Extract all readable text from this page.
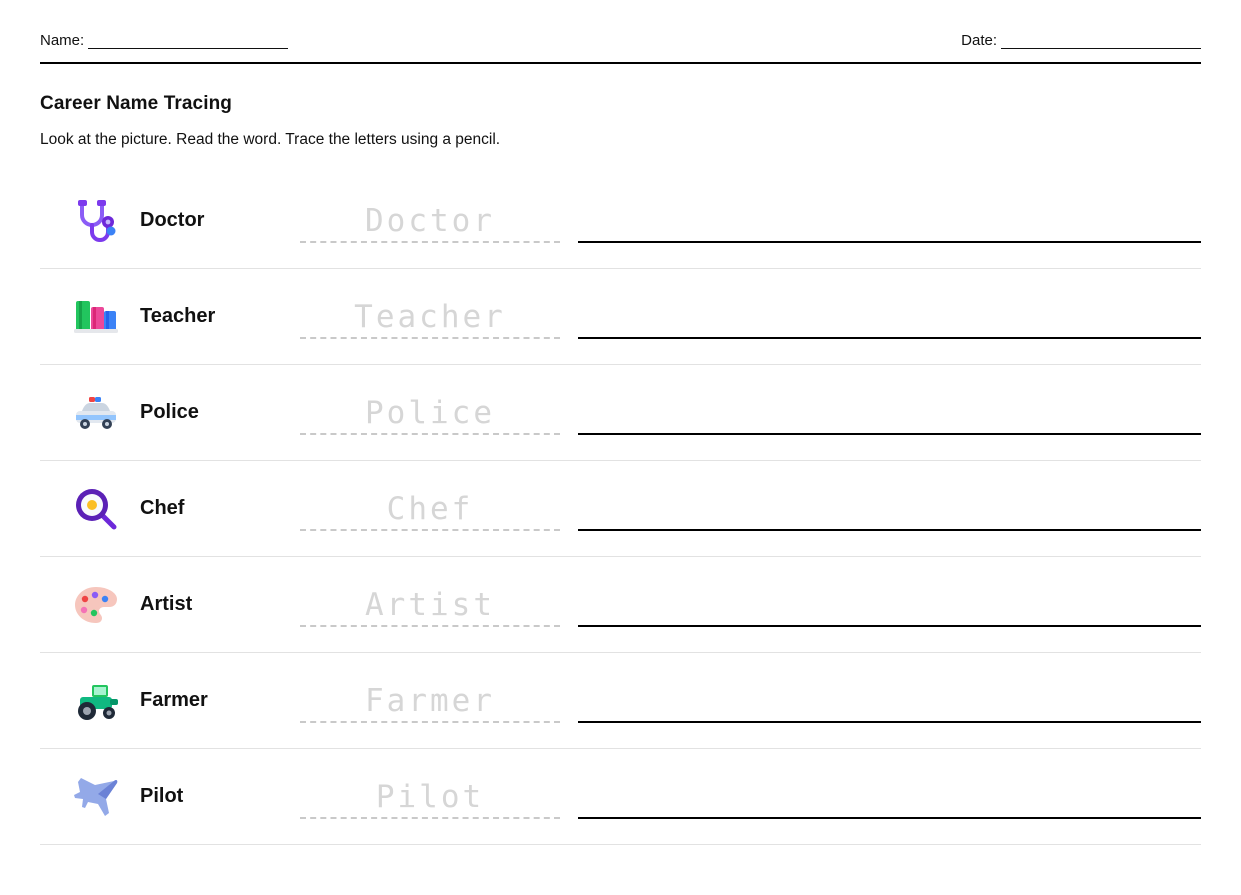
Name:	Date:
Career Name Tracing
Look at the picture. Read the word. Trace the letters using a pencil.
Doctor	Doctor
Teacher	Teacher
Police	Police
Chef	Chef
Artist	Artist
Farmer	Farmer
Pilot	Pilot
